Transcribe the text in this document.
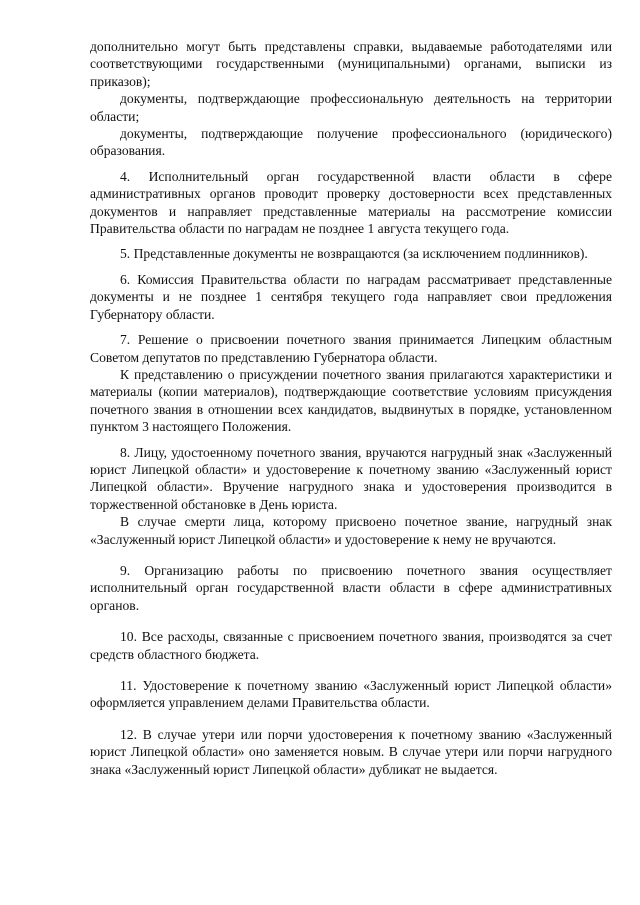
дополнительно могут быть представлены справки, выдаваемые работодателями или соответствующими государственными (муниципальными) органами, выписки из приказов);

документы, подтверждающие профессиональную деятельность на территории области;

документы, подтверждающие получение профессионального (юридического) образования.

4. Исполнительный орган государственной власти области в сфере административных органов проводит проверку достоверности всех представленных документов и направляет представленные материалы на рассмотрение комиссии Правительства области по наградам не позднее 1 августа текущего года.

5. Представленные документы не возвращаются (за исключением подлинников).

6. Комиссия Правительства области по наградам рассматривает представленные документы и не позднее 1 сентября текущего года направляет свои предложения Губернатору области.

7. Решение о присвоении почетного звания принимается Липецким областным Советом депутатов по представлению Губернатора области.

К представлению о присуждении почетного звания прилагаются характеристики и материалы (копии материалов), подтверждающие соответствие условиям присуждения почетного звания в отношении всех кандидатов, выдвинутых в порядке, установленном пунктом 3 настоящего Положения.

8. Лицу, удостоенному почетного звания, вручаются нагрудный знак «Заслуженный юрист Липецкой области» и удостоверение к почетному званию «Заслуженный юрист Липецкой области». Вручение нагрудного знака и удостоверения производится в торжественной обстановке в День юриста.

В случае смерти лица, которому присвоено почетное звание, нагрудный знак «Заслуженный юрист Липецкой области» и удостоверение к нему не вручаются.

9. Организацию работы по присвоению почетного звания осуществляет исполнительный орган государственной власти области в сфере административных органов.

10. Все расходы, связанные с присвоением почетного звания, производятся за счет средств областного бюджета.

11. Удостоверение к почетному званию «Заслуженный юрист Липецкой области» оформляется управлением делами Правительства области.

12. В случае утери или порчи удостоверения к почетному званию «Заслуженный юрист Липецкой области» оно заменяется новым. В случае утери или порчи нагрудного знака «Заслуженный юрист Липецкой области» дубликат не выдается.
